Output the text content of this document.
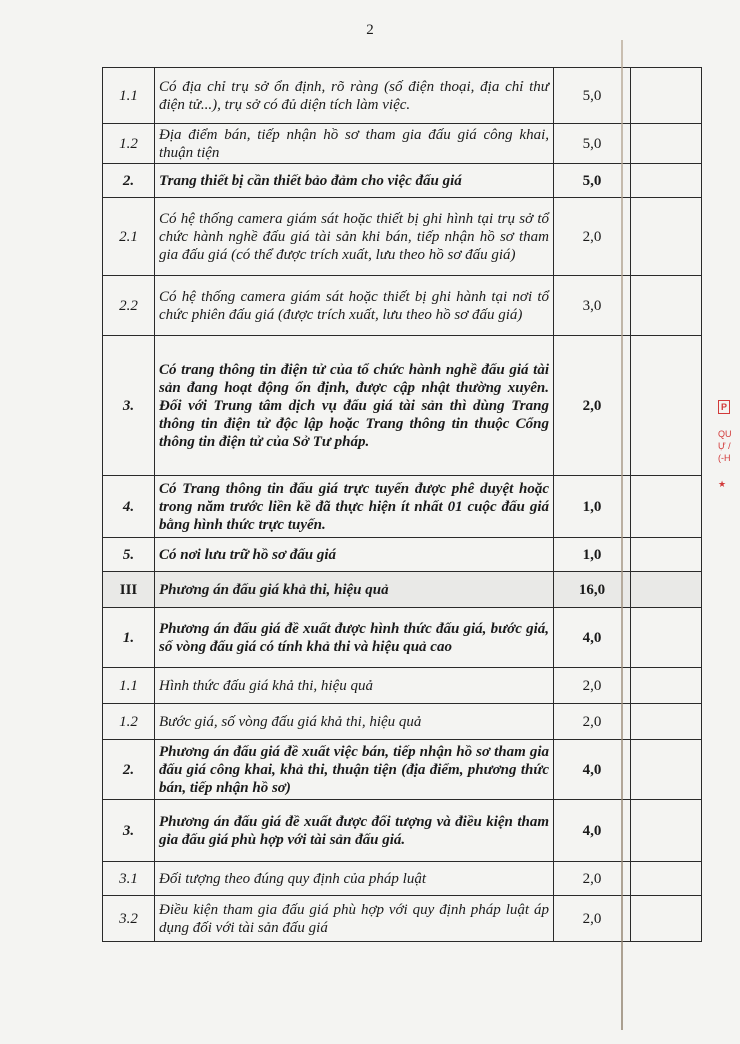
2
1.1	Có địa chỉ trụ sở ổn định, rõ ràng (số điện thoại, địa chỉ thư điện tử...), trụ sở có đủ diện tích làm việc.	5,0	
1.2	Địa điểm bán, tiếp nhận hồ sơ tham gia đấu giá công khai, thuận tiện	5,0	
2.	Trang thiết bị cần thiết bảo đảm cho việc đấu giá	5,0	
2.1	Có hệ thống camera giám sát hoặc thiết bị ghi hình tại trụ sở tổ chức hành nghề đấu giá tài sản khi bán, tiếp nhận hồ sơ tham gia đấu giá (có thể được trích xuất, lưu theo hồ sơ đấu giá)	2,0	
2.2	Có hệ thống camera giám sát hoặc thiết bị ghi hành tại nơi tổ chức phiên đấu giá (được trích xuất, lưu theo hồ sơ đấu giá)	3,0	
3.	Có trang thông tin điện tử của tổ chức hành nghề đấu giá tài sản đang hoạt động ổn định, được cập nhật thường xuyên. Đối với Trung tâm dịch vụ đấu giá tài sản thì dùng Trang thông tin điện tử độc lập hoặc Trang thông tin thuộc Cổng thông tin điện tử của Sở Tư pháp.	2,0	
4.	Có Trang thông tin đấu giá trực tuyến được phê duyệt hoặc trong năm trước liền kề đã thực hiện ít nhất 01 cuộc đấu giá bằng hình thức trực tuyến.	1,0	
5.	Có nơi lưu trữ hồ sơ đấu giá	1,0	
III	Phương án đấu giá khả thi, hiệu quả	16,0	
1.	Phương án đấu giá đề xuất được hình thức đấu giá, bước giá, số vòng đấu giá có tính khả thi và hiệu quả cao	4,0	
1.1	Hình thức đấu giá khả thi, hiệu quả	2,0	
1.2	Bước giá, số vòng đấu giá khả thi, hiệu quả	2,0	
2.	Phương án đấu giá đề xuất việc bán, tiếp nhận hồ sơ tham gia đấu giá công khai, khả thi, thuận tiện (địa điểm, phương thức bán, tiếp nhận hồ sơ)	4,0	
3.	Phương án đấu giá đề xuất được đối tượng và điều kiện tham gia đấu giá phù hợp với tài sản đấu giá.	4,0	
3.1	Đối tượng theo đúng quy định của pháp luật	2,0	
3.2	Điều kiện tham gia đấu giá phù hợp với quy định pháp luật áp dụng đối với tài sản đấu giá	2,0	
P
QU
Ự /
(-H
★
